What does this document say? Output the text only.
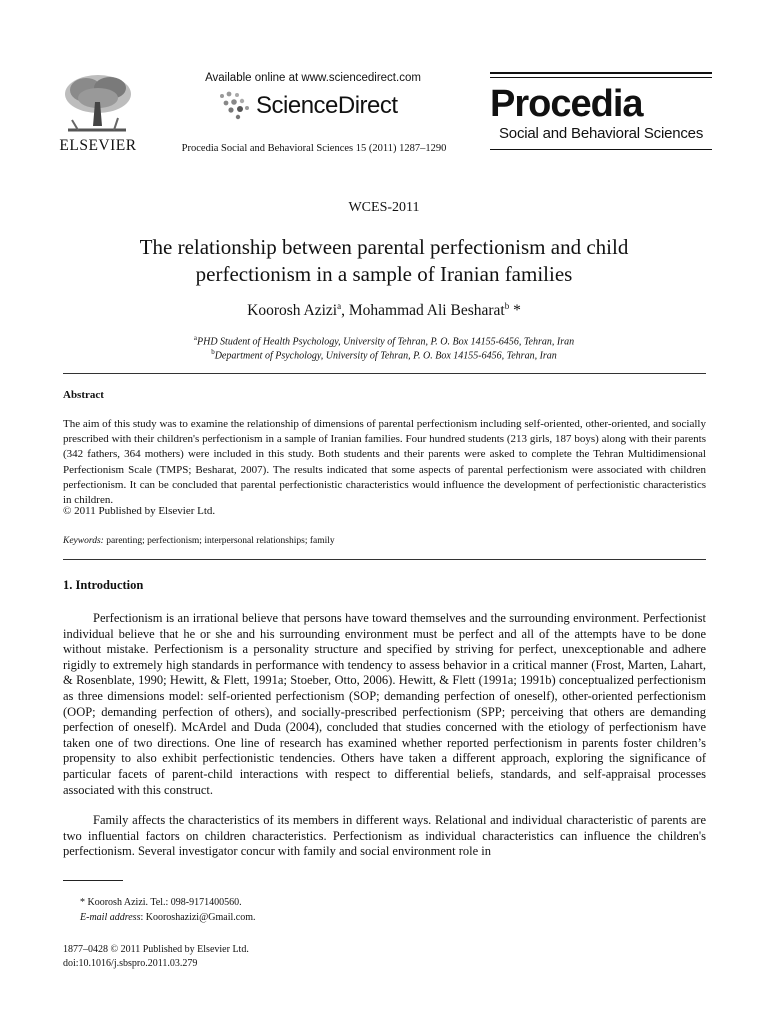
ELSEVIER
Available online at www.sciencedirect.com
ScienceDirect
Procedia Social and Behavioral Sciences 15 (2011) 1287–1290
Procedia
Social and Behavioral Sciences
WCES-2011
The relationship between parental perfectionism and child
perfectionism in a sample of Iranian families
Koorosh Azizi$^a$, Mohammad Ali Besharat$^b$ *
$^a$PHD Student of Health Psychology, University of Tehran, P. O. Box 14155-6456, Tehran, Iran
$^b$Department of Psychology, University of Tehran, P. O. Box 14155-6456, Tehran, Iran
Abstract
The aim of this study was to examine the relationship of dimensions of parental perfectionism including self-oriented, other-oriented, and socially prescribed with their children's perfectionism in a sample of Iranian families. Four hundred students (213 girls, 187 boys) along with their parents (342 fathers, 364 mothers) were included in this study. Both students and their parents were asked to complete the Tehran Multidimensional Perfectionism Scale (TMPS; Besharat, 2007). The results indicated that some aspects of parental perfectionism were associated with children perfectionism. It can be concluded that parental perfectionistic characteristics would influence the development of perfectionistic characteristics in children.
© 2011 Published by Elsevier Ltd.
Keywords: parenting; perfectionism; interpersonal relationships; family
1. Introduction
Perfectionism is an irrational believe that persons have toward themselves and the surrounding environment. Perfectionist individual believe that he or she and his surrounding environment must be perfect and all of the attempts have to be done without mistake. Perfectionism is a personality structure and specified by striving for perfect, unexceptionable and adhere rigidly to extremely high standards in performance with tendency to assess behavior in a critical manner (Frost, Marten, Lahart, & Rosenblate, 1990; Hewitt, & Flett, 1991a; Stoeber, Otto, 2006). Hewitt, & Flett (1991a; 1991b) conceptualized perfectionism as three dimensions model: self-oriented perfectionism (SOP; demanding perfection of oneself), other-oriented perfectionism (OOP; demanding perfection of others), and socially-prescribed perfectionism (SPP; perceiving that others are demanding perfection of oneself). McArdel and Duda (2004), concluded that studies concerned with the etiology of perfectionism have taken one of two directions. One line of research has examined whether reported perfectionism in parents foster children’s propensity to also exhibit perfectionistic tendencies. Others have taken a different approach, exploring the significance of particular facets of parent-child interactions with respect to differential beliefs, standards, and self-appraisal processes associated with this construct.
Family affects the characteristics of its members in different ways. Relational and individual characteristic of parents are two influential factors on children characteristics. Perfectionism as individual characteristics can influence the children's perfectionism. Several investigator concur with family and social environment role in
* Koorosh Azizi. Tel.: 098-9171400560.
E-mail address: Kooroshazizi@Gmail.com.
1877–0428 © 2011 Published by Elsevier Ltd.
doi:10.1016/j.sbspro.2011.03.279
